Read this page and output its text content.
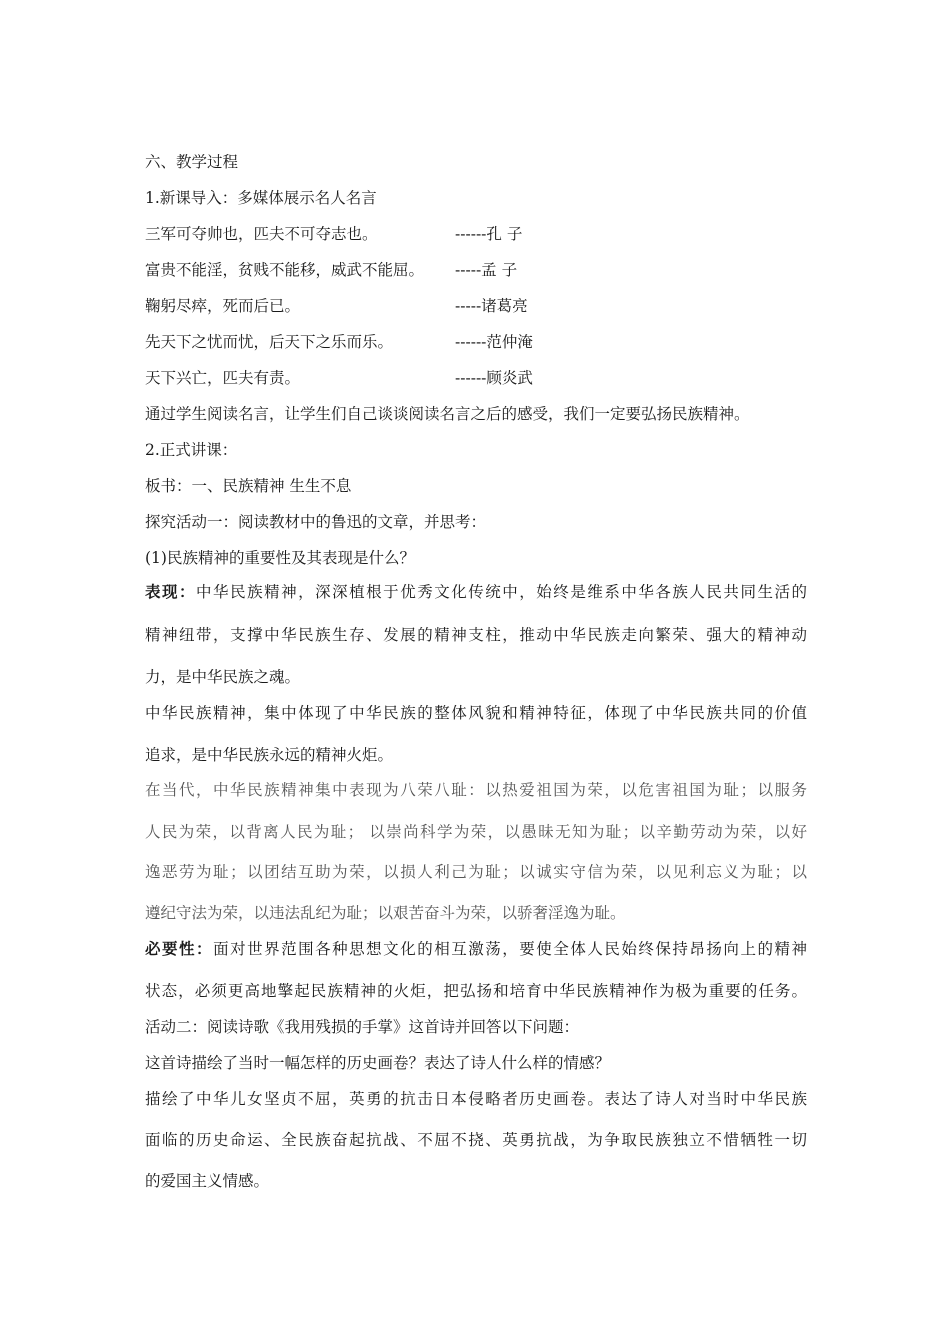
六、教学过程
1.新课导入：多媒体展示名人名言
三军可夺帅也，匹夫不可夺志也。	------孔 子
富贵不能淫，贫贱不能移，威武不能屈。 -----孟 子
鞠躬尽瘁，死而后已。	-----诸葛亮
先天下之忧而忧，后天下之乐而乐。	------范仲淹
天下兴亡，匹夫有责。	------顾炎武
通过学生阅读名言，让学生们自己谈谈阅读名言之后的感受，我们一定要弘扬民族精神。
2.正式讲课：
板书：一、民族精神 生生不息
探究活动一：阅读教材中的鲁迅的文章，并思考：
(1)民族精神的重要性及其表现是什么？
表现：中华民族精神，深深植根于优秀文化传统中，始终是维系中华各族人民共同生活的
精神纽带，支撑中华民族生存、发展的精神支柱，推动中华民族走向繁荣、强大的精神动
力，是中华民族之魂。
中华民族精神，集中体现了中华民族的整体风貌和精神特征，体现了中华民族共同的价值
追求，是中华民族永远的精神火炬。
在当代，中华民族精神集中表现为八荣八耻：以热爱祖国为荣，以危害祖国为耻；以服务
人民为荣，以背离人民为耻； 以崇尚科学为荣，以愚昧无知为耻；以辛勤劳动为荣，以好
逸恶劳为耻；以团结互助为荣，以损人利己为耻；以诚实守信为荣，以见利忘义为耻；以
遵纪守法为荣，以违法乱纪为耻；以艰苦奋斗为荣，以骄奢淫逸为耻。
必要性：面对世界范围各种思想文化的相互激荡，要使全体人民始终保持昂扬向上的精神
状态，必须更高地擎起民族精神的火炬，把弘扬和培育中华民族精神作为极为重要的任务。
活动二：阅读诗歌《我用残损的手掌》这首诗并回答以下问题：
这首诗描绘了当时一幅怎样的历史画卷？表达了诗人什么样的情感？
描绘了中华儿女坚贞不屈，英勇的抗击日本侵略者历史画卷。表达了诗人对当时中华民族
面临的历史命运、全民族奋起抗战、不屈不挠、英勇抗战，为争取民族独立不惜牺牲一切
的爱国主义情感。
